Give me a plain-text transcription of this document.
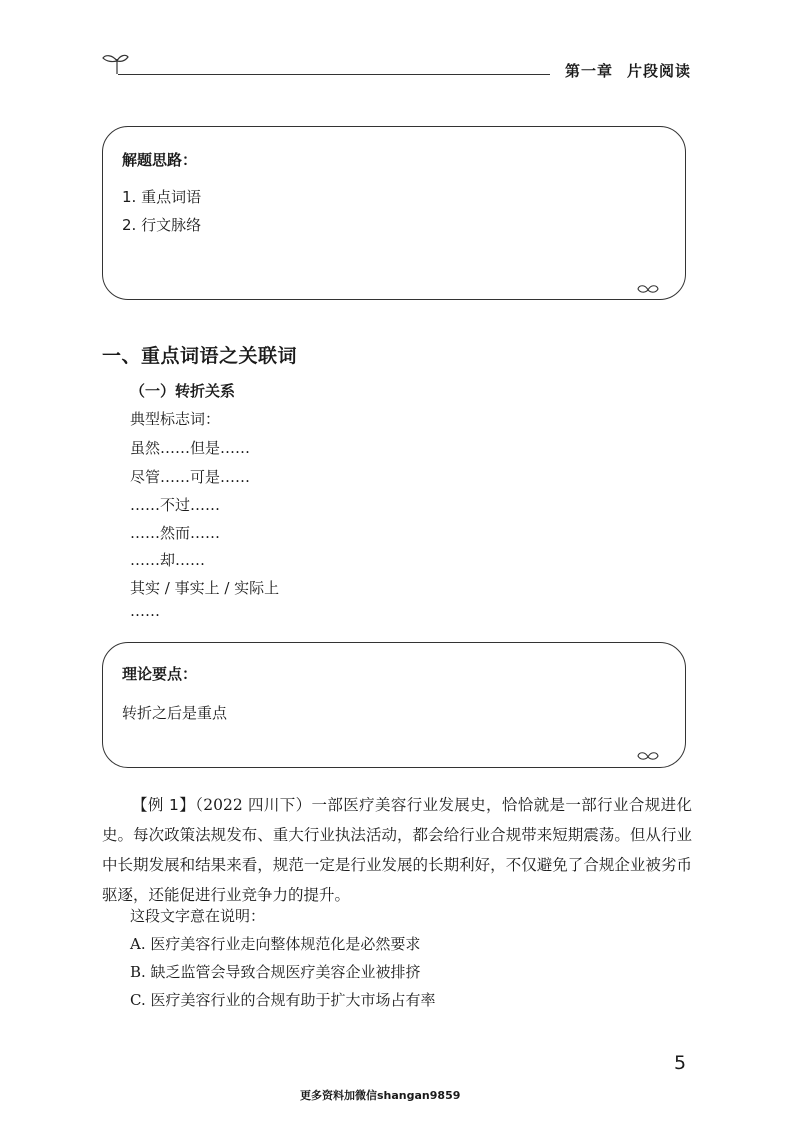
第一章 片段阅读
解题思路：
1. 重点词语
2. 行文脉络
一、重点词语之关联词
（一）转折关系
典型标志词：
虽然……但是……
尽管……可是……
……不过……
……然而……
……却……
其实 / 事实上 / 实际上
……
理论要点：
转折之后是重点

【例 1】（2022 四川下）一部医疗美容行业发展史，恰恰就是一部行业合规进化史。每次政策法规发布、重大行业执法活动，都会给行业合规带来短期震荡。但从行业中长期发展和结果来看，规范一定是行业发展的长期利好，不仅避免了合规企业被劣币驱逐，还能促进行业竞争力的提升。

这段文字意在说明：
A. 医疗美容行业走向整体规范化是必然要求
B. 缺乏监管会导致合规医疗美容企业被排挤
C. 医疗美容行业的合规有助于扩大市场占有率
5
更多资料加微信shangan9859
